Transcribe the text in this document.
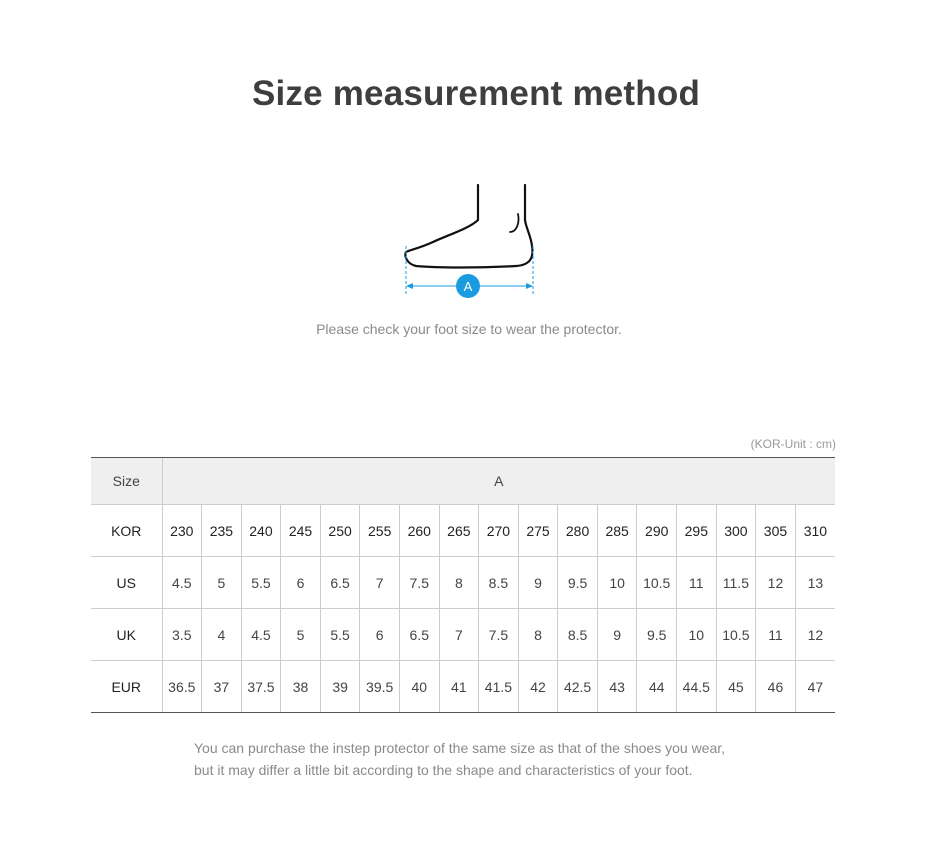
Size measurement method
A
Please check your foot size to wear the protector.
(KOR-Unit : cm)
Size	A																
KOR	230	235	240	245	250	255	260	265	270	275	280	285	290	295	300	305	310
US	4.5	5	5.5	6	6.5	7	7.5	8	8.5	9	9.5	10	10.5	11	11.5	12	13
UK	3.5	4	4.5	5	5.5	6	6.5	7	7.5	8	8.5	9	9.5	10	10.5	11	12
EUR	36.5	37	37.5	38	39	39.5	40	41	41.5	42	42.5	43	44	44.5	45	46	47
You can purchase the instep protector of the same size as that of the shoes you wear,
but it may differ a little bit according to the shape and characteristics of your foot.
